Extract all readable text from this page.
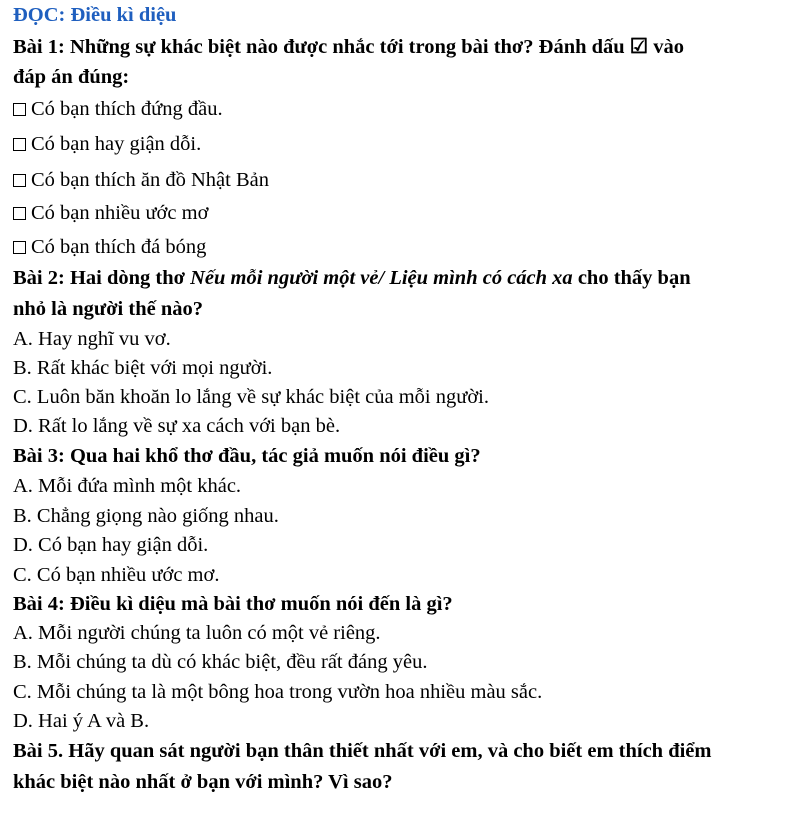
ĐỌC: Điều kì diệu
Bài 1: Những sự khác biệt nào được nhắc tới trong bài thơ? Đánh dấu ☑ vào
đáp án đúng:
Có bạn thích đứng đầu.
Có bạn hay giận dỗi.
Có bạn thích ăn đồ Nhật Bản
Có bạn nhiều ước mơ
Có bạn thích đá bóng
Bài 2: Hai dòng thơ Nếu mỗi người một vẻ/ Liệu mình có cách xa cho thấy bạn
nhỏ là người thế nào?
A. Hay nghĩ vu vơ.
B. Rất khác biệt với mọi người.
C. Luôn băn khoăn lo lắng về sự khác biệt của mỗi người.
D. Rất lo lắng về sự xa cách với bạn bè.
Bài 3: Qua hai khổ thơ đầu, tác giả muốn nói điều gì?
A. Mỗi đứa mình một khác.
B. Chẳng giọng nào giống nhau.
D. Có bạn hay giận dỗi.
C. Có bạn nhiều ước mơ.
Bài 4: Điều kì diệu mà bài thơ muốn nói đến là gì?
A. Mỗi người chúng ta luôn có một vẻ riêng.
B. Mỗi chúng ta dù có khác biệt, đều rất đáng yêu.
C. Mỗi chúng ta là một bông hoa trong vườn hoa nhiều màu sắc.
D. Hai ý A và B.
Bài 5. Hãy quan sát người bạn thân thiết nhất với em, và cho biết em thích điểm
khác biệt nào nhất ở bạn với mình? Vì sao?
